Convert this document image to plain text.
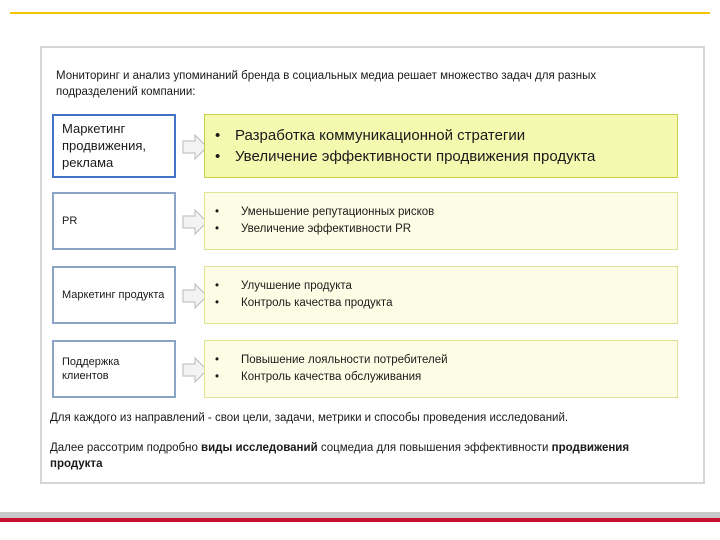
Мониторинг и анализ упоминаний бренда в социальных медиа решает множество задач для разных подразделений компании:
Маркетинг продвижения, реклама
• Разработка коммуникационной стратегии
• Увеличение эффективности продвижения продукта
PR
•	Уменьшение репутационных рисков
•	Увеличение эффективности PR
Маркетинг продукта
•	Улучшение продукта
•	Контроль качества продукта
Поддержка клиентов
•	Повышение лояльности потребителей
•	Контроль качества обслуживания
Для каждого из направлений - свои цели, задачи, метрики и способы проведения исследований.
Далее рассотрим подробно виды исследований соцмедиа для повышения эффективности продвижения продукта
